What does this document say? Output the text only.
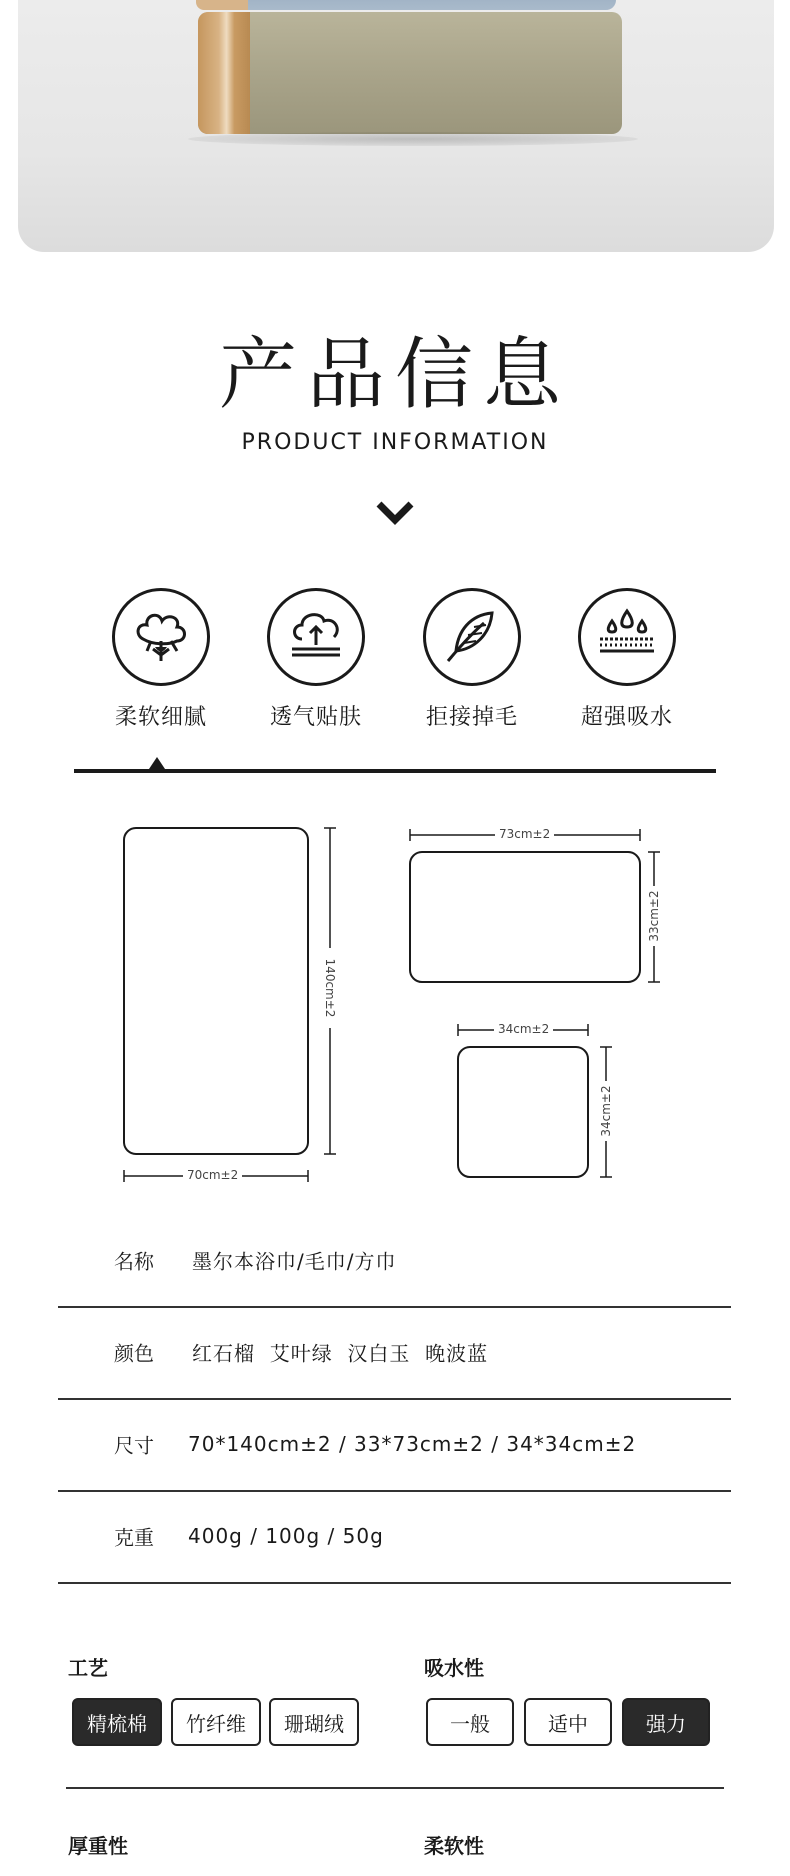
产品信息
PRODUCT INFORMATION
柔软细腻	透气贴肤	拒接掉毛	超强吸水
70cm±2
140cm±2
73cm±2
33cm±2
34cm±2
34cm±2
名称 墨尔本浴巾/毛巾/方巾
颜色 红石榴  艾叶绿  汉白玉  晚波蓝
尺寸 70*140cm±2 / 33*73cm±2 / 34*34cm±2
克重 400g / 100g / 50g
工艺	吸水性
精梳棉	竹纤维	珊瑚绒	一般	适中	强力
厚重性	柔软性
